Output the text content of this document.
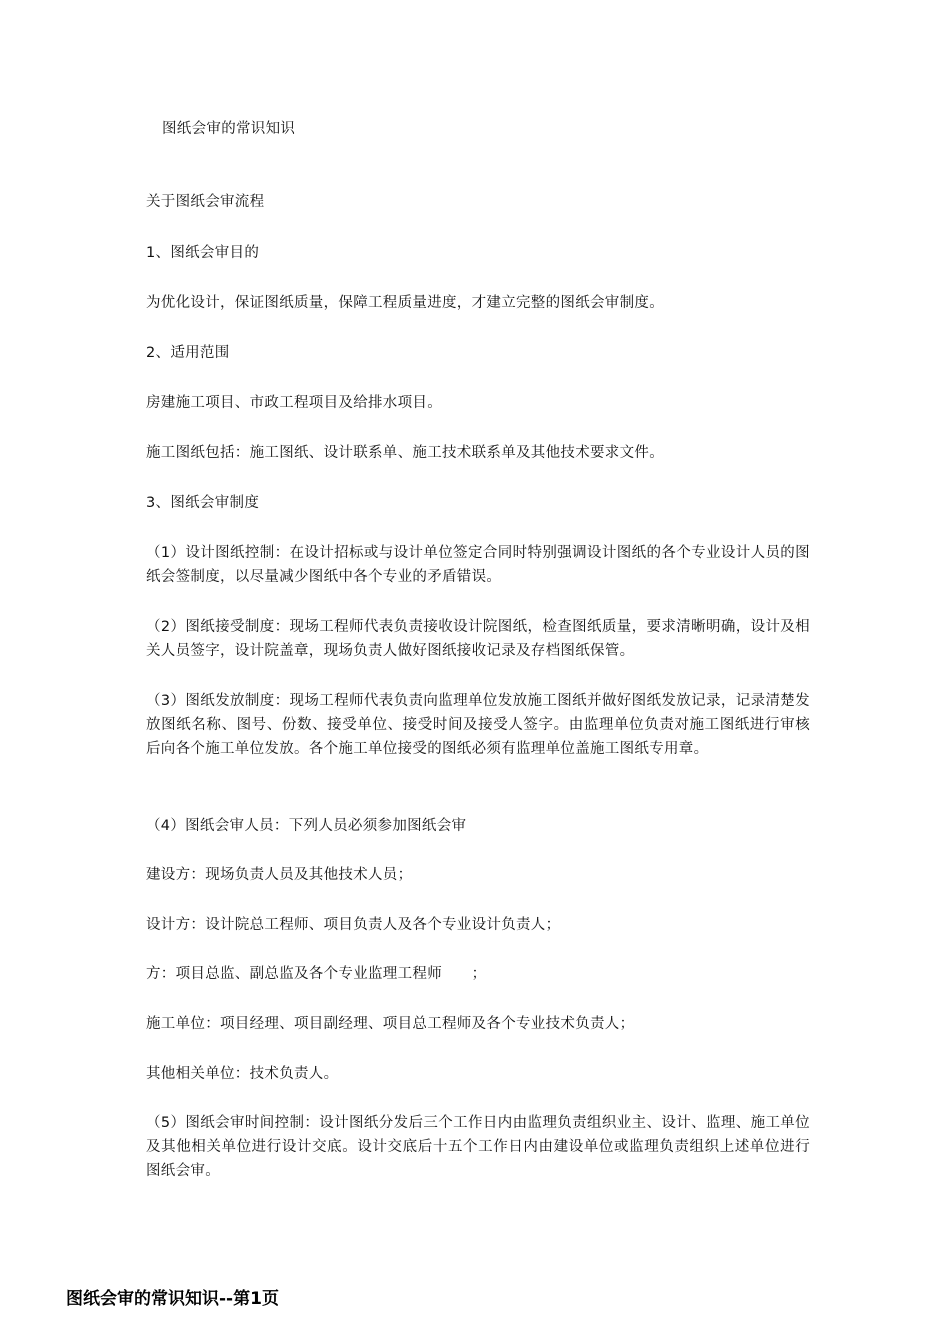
图纸会审的常识知识
关于图纸会审流程
1、图纸会审目的
为优化设计，保证图纸质量，保障工程质量进度，才建立完整的图纸会审制度。
2、适用范围
房建施工项目、市政工程项目及给排水项目。
施工图纸包括：施工图纸、设计联系单、施工技术联系单及其他技术要求文件。
3、图纸会审制度
（1）设计图纸控制：在设计招标或与设计单位签定合同时特别强调设计图纸的各个专业设计人员的图纸会签制度，以尽量减少图纸中各个专业的矛盾错误。
（2）图纸接受制度：现场工程师代表负责接收设计院图纸，检查图纸质量，要求清晰明确，设计及相关人员签字，设计院盖章，现场负责人做好图纸接收记录及存档图纸保管。
（3）图纸发放制度：现场工程师代表负责向监理单位发放施工图纸并做好图纸发放记录，记录清楚发放图纸名称、图号、份数、接受单位、接受时间及接受人签字。由监理单位负责对施工图纸进行审核后向各个施工单位发放。各个施工单位接受的图纸必须有监理单位盖施工图纸专用章。
（4）图纸会审人员：下列人员必须参加图纸会审
建设方：现场负责人员及其他技术人员；
设计方：设计院总工程师、项目负责人及各个专业设计负责人；
方：项目总监、副总监及各个专业监理工程师　　；
施工单位：项目经理、项目副经理、项目总工程师及各个专业技术负责人；
其他相关单位：技术负责人。
（5）图纸会审时间控制：设计图纸分发后三个工作日内由监理负责组织业主、设计、监理、施工单位及其他相关单位进行设计交底。设计交底后十五个工作日内由建设单位或监理负责组织上述单位进行图纸会审。
图纸会审的常识知识--第1页
